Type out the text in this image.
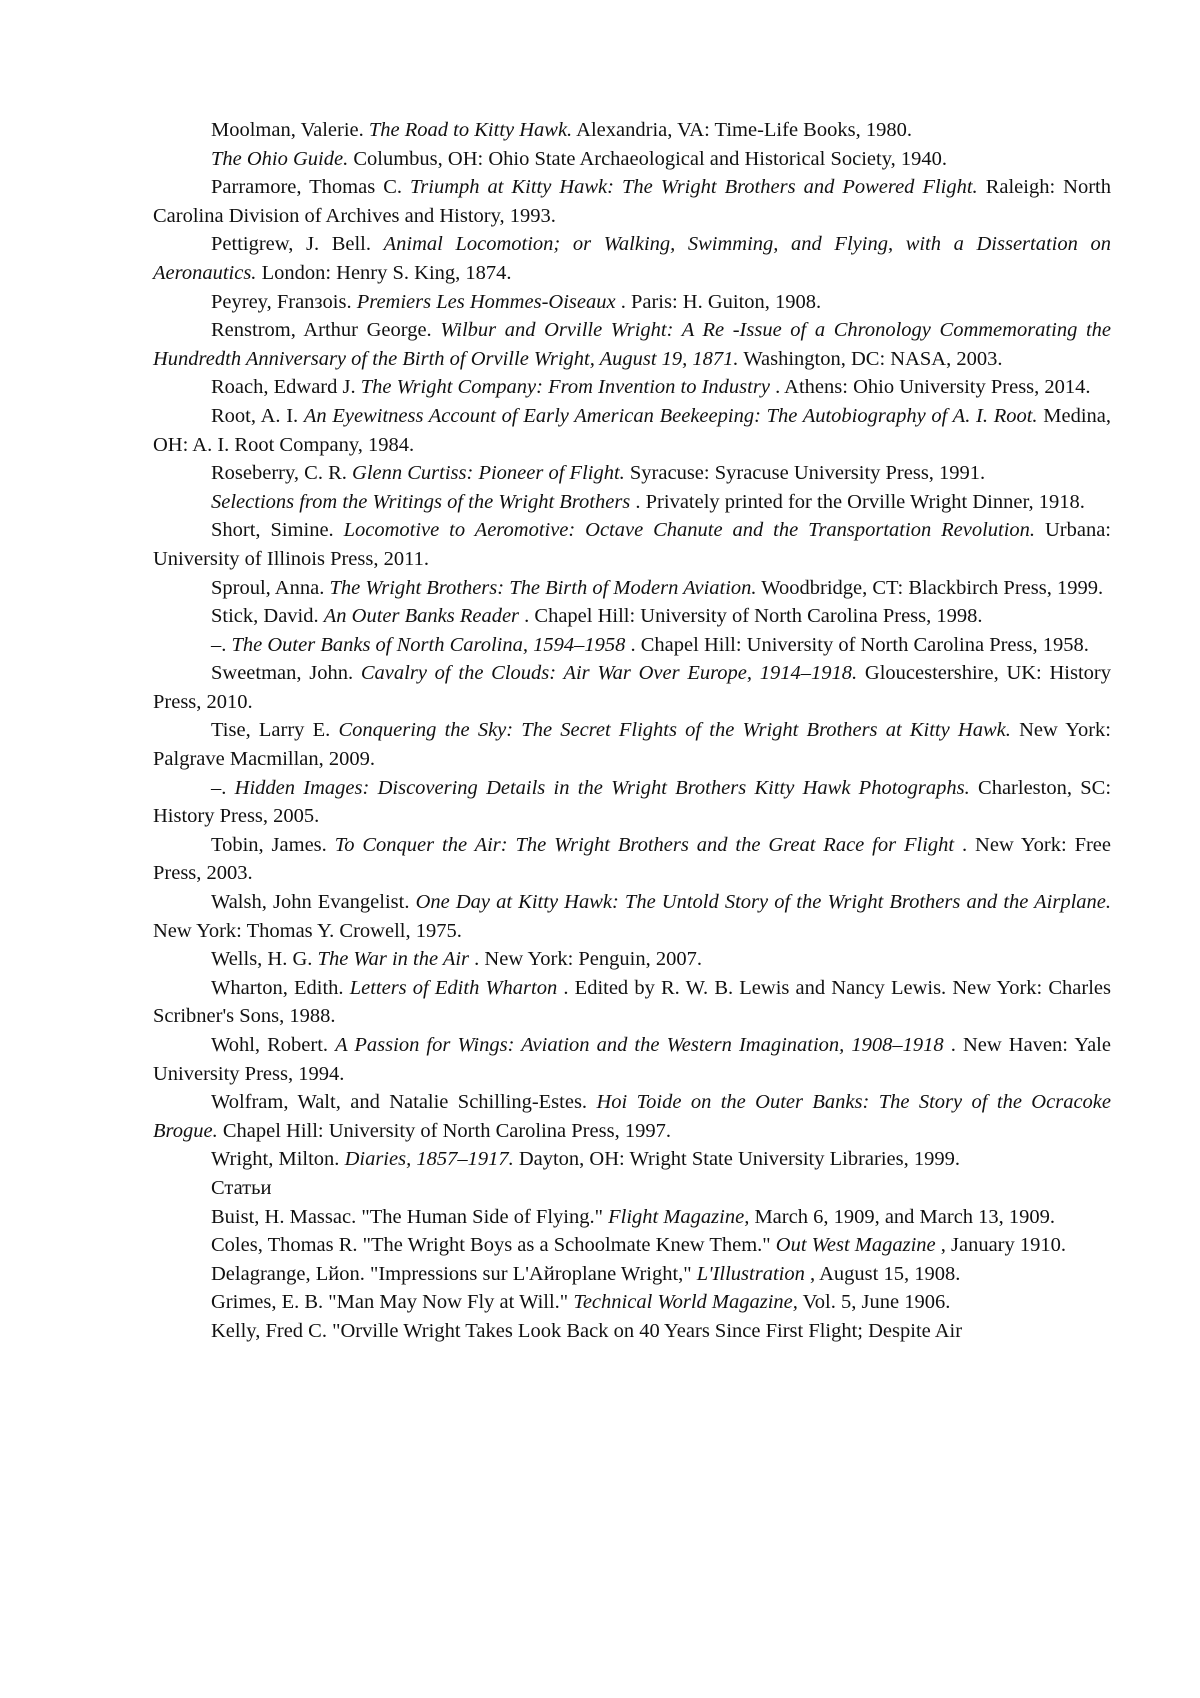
Moolman, Valerie. The Road to Kitty Hawk. Alexandria, VA: Time-Life Books, 1980.

The Ohio Guide. Columbus, OH: Ohio State Archaeological and Historical Society, 1940.

Parramore, Thomas C. Triumph at Kitty Hawk: The Wright Brothers and Powered Flight. Raleigh: North Carolina Division of Archives and History, 1993.

Pettigrew, J. Bell. Animal Locomotion; or Walking, Swimming, and Flying, with a Dissertation on Aeronautics. London: Henry S. King, 1874.

Peyrey, Franзois. Premiers Les Hommes-Oiseaux . Paris: H. Guiton, 1908.

Renstrom, Arthur George. Wilbur and Orville Wright: A Re -Issue of a Chronology Commemorating the Hundredth Anniversary of the Birth of Orville Wright, August 19, 1871. Washington, DC: NASA, 2003.

Roach, Edward J. The Wright Company: From Invention to Industry . Athens: Ohio University Press, 2014.

Root, A. I. An Eyewitness Account of Early American Beekeeping: The Autobiography of A. I. Root. Medina, OH: A. I. Root Company, 1984.

Roseberry, C. R. Glenn Curtiss: Pioneer of Flight. Syracuse: Syracuse University Press, 1991.

Selections from the Writings of the Wright Brothers . Privately printed for the Orville Wright Dinner, 1918.

Short, Simine. Locomotive to Aeromotive: Octave Chanute and the Transportation Revolution. Urbana: University of Illinois Press, 2011.

Sproul, Anna. The Wright Brothers: The Birth of Modern Aviation. Woodbridge, CT: Blackbirch Press, 1999.

Stick, David. An Outer Banks Reader . Chapel Hill: University of North Carolina Press, 1998.

–. The Outer Banks of North Carolina, 1594–1958 . Chapel Hill: University of North Carolina Press, 1958.

Sweetman, John. Cavalry of the Clouds: Air War Over Europe, 1914–1918. Gloucestershire, UK: History Press, 2010.

Tise, Larry E. Conquering the Sky: The Secret Flights of the Wright Brothers at Kitty Hawk. New York: Palgrave Macmillan, 2009.

–. Hidden Images: Discovering Details in the Wright Brothers Kitty Hawk Photographs. Charleston, SC: History Press, 2005.

Tobin, James. To Conquer the Air: The Wright Brothers and the Great Race for Flight . New York: Free Press, 2003.

Walsh, John Evangelist. One Day at Kitty Hawk: The Untold Story of the Wright Brothers and the Airplane. New York: Thomas Y. Crowell, 1975.

Wells, H. G. The War in the Air . New York: Penguin, 2007.

Wharton, Edith. Letters of Edith Wharton . Edited by R. W. B. Lewis and Nancy Lewis. New York: Charles Scribner's Sons, 1988.

Wohl, Robert. A Passion for Wings: Aviation and the Western Imagination, 1908–1918 . New Haven: Yale University Press, 1994.

Wolfram, Walt, and Natalie Schilling-Estes. Hoi Toide on the Outer Banks: The Story of the Ocracoke Brogue. Chapel Hill: University of North Carolina Press, 1997.

Wright, Milton. Diaries, 1857–1917. Dayton, OH: Wright State University Libraries, 1999.

Статьи

Buist, H. Massac. "The Human Side of Flying." Flight Magazine, March 6, 1909, and March 13, 1909.

Coles, Thomas R. "The Wright Boys as a Schoolmate Knew Them." Out West Magazine , January 1910.

Delagrange, Lйon. "Impressions sur L'Aйroplane Wright," L'Illustration , August 15, 1908.

Grimes, E. B. "Man May Now Fly at Will." Technical World Magazine, Vol. 5, June 1906.

Kelly, Fred C. "Orville Wright Takes Look Back on 40 Years Since First Flight; Despite Air
